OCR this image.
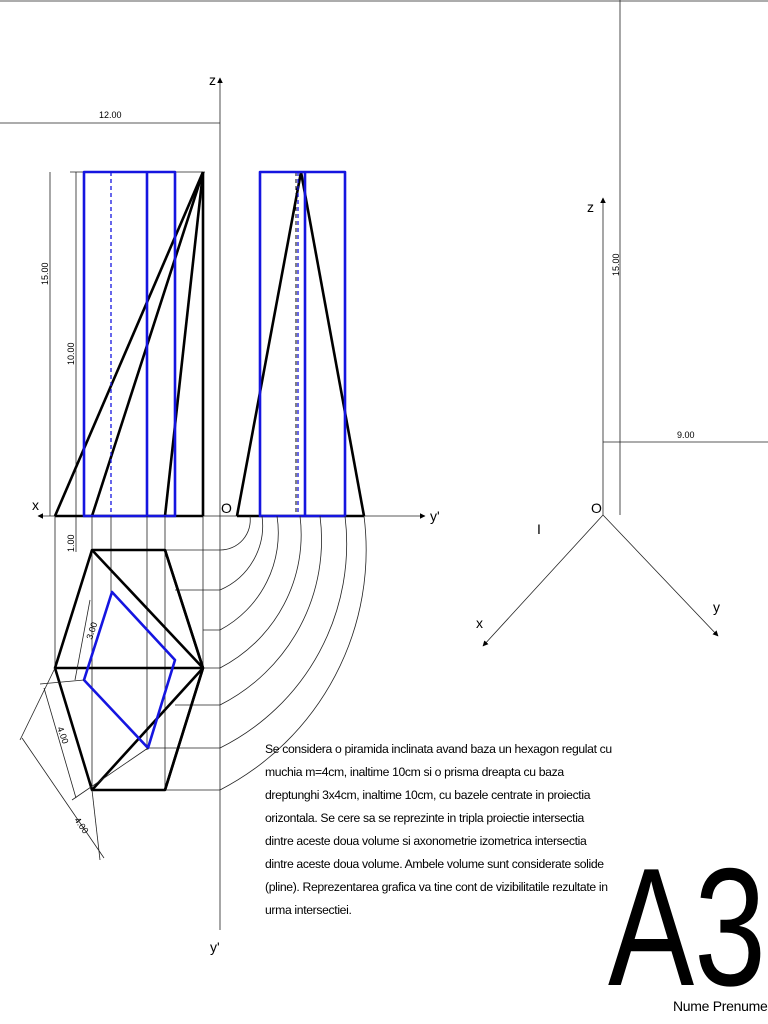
z
x	O	y'
y'
12.00
15.00
10.00
1.00
3.00
4.00
4.00
z
O
x
y
I
9.00
15.00
Se considera o piramida inclinata avand baza un hexagon regulat cu
muchia m=4cm, inaltime 10cm si o prisma dreapta cu baza
dreptunghi 3x4cm, inaltime 10cm, cu bazele centrate in proiectia
orizontala. Se cere sa se reprezinte in tripla proiectie intersectia
dintre aceste doua volume si axonometrie izometrica intersectia
dintre aceste doua volume. Ambele volume sunt considerate solide
(pline). Reprezentarea grafica va tine cont de vizibilitatile rezultate in
urma intersectiei. A3
Nume Prenume
